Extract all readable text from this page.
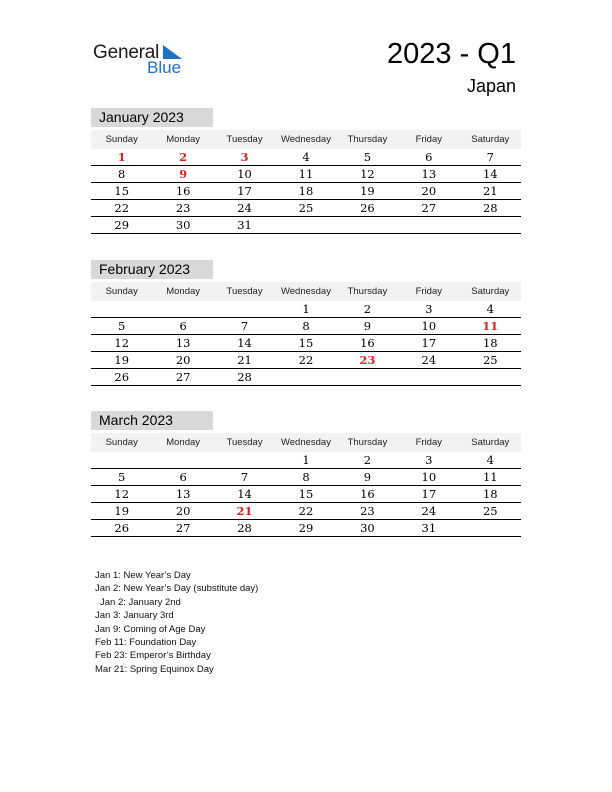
General
Blue	2023 - Q1
Japan
January 2023
Sunday	Monday	Tuesday	Wednesday	Thursday	Friday	Saturday
1	2	3	4	5	6	7
8	9	10	11	12	13	14
15	16	17	18	19	20	21
22	23	24	25	26	27	28
29	30	31				
February 2023
Sunday	Monday	Tuesday	Wednesday	Thursday	Friday	Saturday
			1	2	3	4
5	6	7	8	9	10	11
12	13	14	15	16	17	18
19	20	21	22	23	24	25
26	27	28				
March 2023
Sunday	Monday	Tuesday	Wednesday	Thursday	Friday	Saturday
			1	2	3	4
5	6	7	8	9	10	11
12	13	14	15	16	17	18
19	20	21	22	23	24	25
26	27	28	29	30	31	
Jan 1: New Year’s Day
Jan 2: New Year’s Day (substitute day)
Jan 2: January 2nd
Jan 3: January 3rd
Jan 9: Coming of Age Day
Feb 11: Foundation Day
Feb 23: Emperor’s Birthday
Mar 21: Spring Equinox Day
